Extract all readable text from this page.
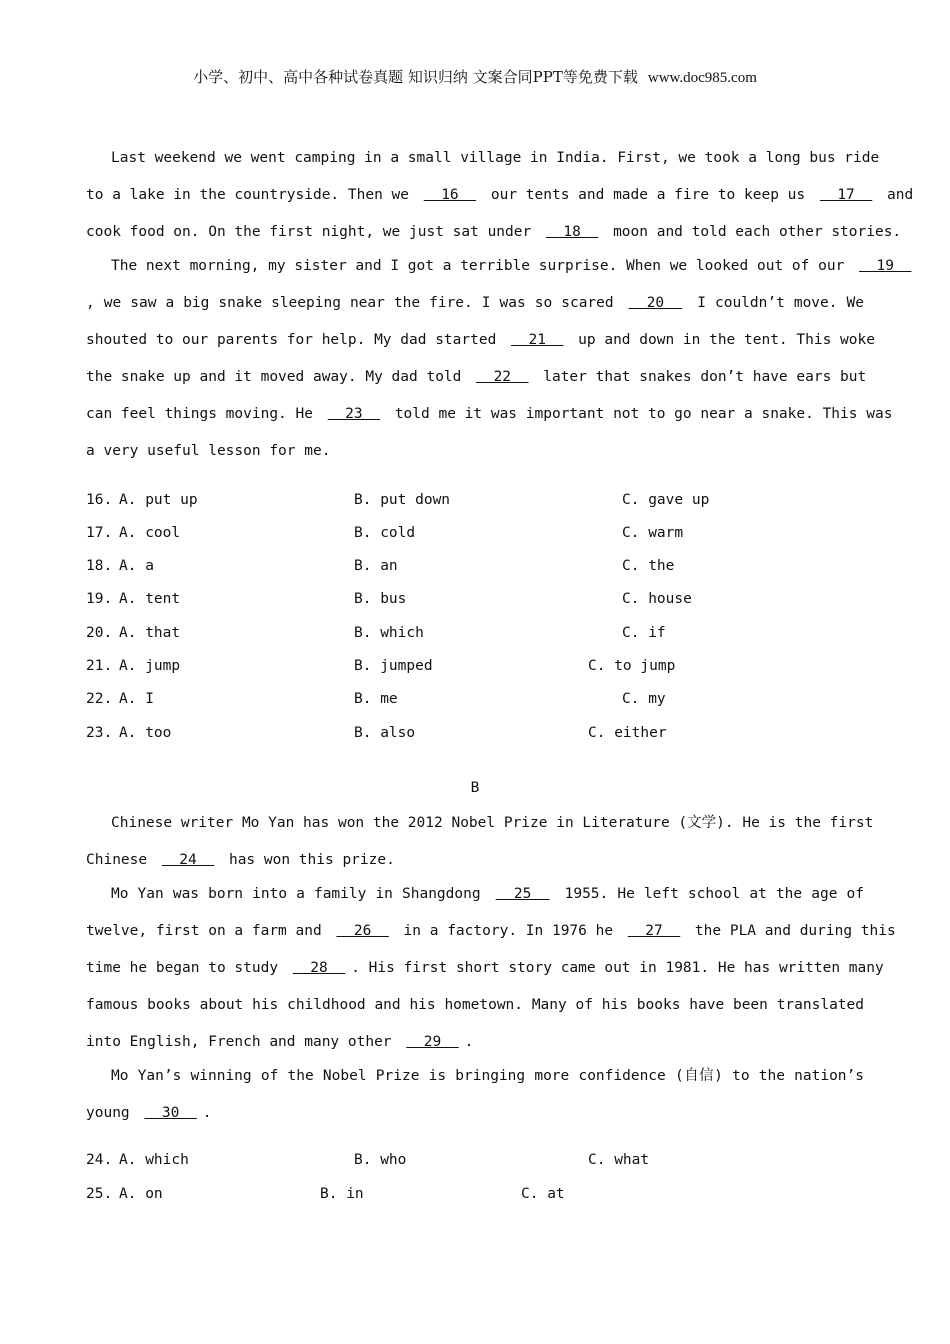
小学、初中、高中各种试卷真题 知识归纳 文案合同PPT等免费下载 www.doc985.com
Last weekend we went camping in a small village in India. First, we took a long bus ride
to a lake in the countryside. Then we   16   our tents and made a fire to keep us   17   and
cook food on. On the first night, we just sat under   18   moon and told each other stories.
The next morning, my sister and I got a terrible surprise. When we looked out of our   19
, we saw a big snake sleeping near the fire. I was so scared   20   I couldn’t move. We
shouted to our parents for help. My dad started   21   up and down in the tent. This woke
the snake up and it moved away. My dad told   22   later that snakes don’t have ears but
can feel things moving. He   23   told me it was important not to go near a snake. This was
a very useful lesson for me.
16. A. put up	B. put down	C. gave up
17. A. cool	B. cold	C. warm
18. A. a	B. an	C. the
19. A. tent	B. bus	C. house
20. A. that	B. which	C. if
21. A. jump	B. jumped	C. to jump
22. A. I	B. me	C. my
23. A. too	B. also	C. either
B
Chinese writer Mo Yan has won the 2012 Nobel Prize in Literature (文学). He is the first
Chinese   24   has won this prize.
Mo Yan was born into a family in Shangdong   25   1955. He left school at the age of
twelve, first on a farm and   26   in a factory. In 1976 he   27   the PLA and during this
time he began to study   28  . His first short story came out in 1981. He has written many
famous books about his childhood and his hometown. Many of his books have been translated
into English, French and many other   29  .
Mo Yan’s winning of the Nobel Prize is bringing more confidence (自信) to the nation’s
young   30  .
24. A. which	B. who	C. what
25. A. on	B. in	C. at
